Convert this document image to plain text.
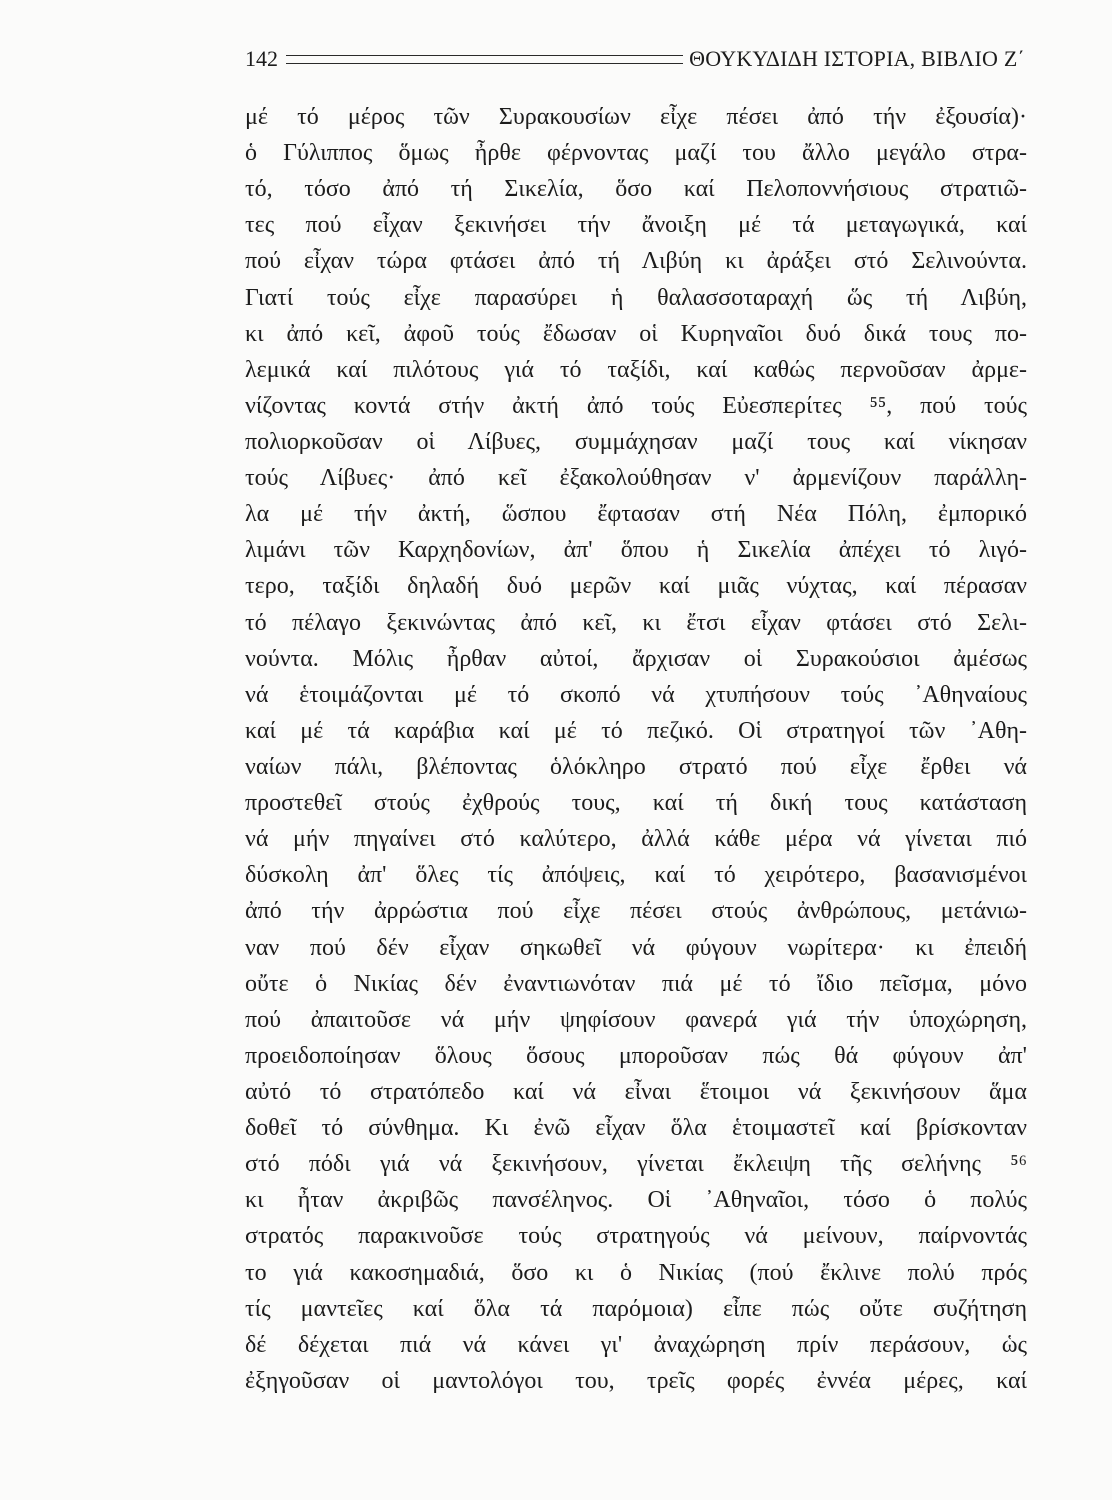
142	ΘΟΥΚΥΔΙΔΗ ΙΣΤΟΡΙΑ, ΒΙΒΛΙΟ Ζ΄
μέ τό μέρος τῶν Συρακουσίων εἶχε πέσει ἀπό τήν ἐξουσία)·
ὁ Γύλιππος ὅμως ἦρθε φέρνοντας μαζί του ἄλλο μεγάλο στρα-
τό, τόσο ἀπό τή Σικελία, ὅσο καί Πελοποννήσιους στρατιῶ-
τες πού εἶχαν ξεκινήσει τήν ἄνοιξη μέ τά μεταγωγικά, καί
πού εἶχαν τώρα φτάσει ἀπό τή Λιβύη κι ἀράξει στό Σελινούντα.
Γιατί τούς εἶχε παρασύρει ἡ θαλασσοταραχή ὥς τή Λιβύη,
κι ἀπό κεῖ, ἀφοῦ τούς ἔδωσαν οἱ Κυρηναῖοι δυό δικά τους πο-
λεμικά καί πιλότους γιά τό ταξίδι, καί καθώς περνοῦσαν ἀρμε-
νίζοντας κοντά στήν ἀκτή ἀπό τούς Εὐεσπερίτες ⁵⁵, πού τούς
πολιορκοῦσαν οἱ Λίβυες, συμμάχησαν μαζί τους καί νίκησαν
τούς Λίβυες· ἀπό κεῖ ἐξακολούθησαν ν' ἀρμενίζουν παράλλη-
λα μέ τήν ἀκτή, ὥσπου ἔφτασαν στή Νέα Πόλη, ἐμπορικό
λιμάνι τῶν Καρχηδονίων, ἀπ' ὅπου ἡ Σικελία ἀπέχει τό λιγό-
τερο, ταξίδι δηλαδή δυό μερῶν καί μιᾶς νύχτας, καί πέρασαν
τό πέλαγο ξεκινώντας ἀπό κεῖ, κι ἔτσι εἶχαν φτάσει στό Σελι-
νούντα. Μόλις ἦρθαν αὐτοί, ἄρχισαν οἱ Συρακούσιοι ἀμέσως
νά ἑτοιμάζονται μέ τό σκοπό νά χτυπήσουν τούς ᾿Αθηναίους
καί μέ τά καράβια καί μέ τό πεζικό. Οἱ στρατηγοί τῶν ᾿Αθη-
ναίων πάλι, βλέποντας ὁλόκληρο στρατό πού εἶχε ἔρθει νά
προστεθεῖ στούς ἐχθρούς τους, καί τή δική τους κατάσταση
νά μήν πηγαίνει στό καλύτερο, ἀλλά κάθε μέρα νά γίνεται πιό
δύσκολη ἀπ' ὅλες τίς ἀπόψεις, καί τό χειρότερο, βασανισμένοι
ἀπό τήν ἀρρώστια πού εἶχε πέσει στούς ἀνθρώπους, μετάνιω-
ναν πού δέν εἶχαν σηκωθεῖ νά φύγουν νωρίτερα· κι ἐπειδή
οὔτε ὁ Νικίας δέν ἐναντιωνόταν πιά μέ τό ἴδιο πεῖσμα, μόνο
πού ἀπαιτοῦσε νά μήν ψηφίσουν φανερά γιά τήν ὑποχώρηση,
προειδοποίησαν ὅλους ὅσους μποροῦσαν πώς θά φύγουν ἀπ'
αὐτό τό στρατόπεδο καί νά εἶναι ἕτοιμοι νά ξεκινήσουν ἅμα
δοθεῖ τό σύνθημα. Κι ἐνῶ εἶχαν ὅλα ἑτοιμαστεῖ καί βρίσκονταν
στό πόδι γιά νά ξεκινήσουν, γίνεται ἔκλειψη τῆς σελήνης ⁵⁶
κι ἦταν ἀκριβῶς πανσέληνος. Οἱ ᾿Αθηναῖοι, τόσο ὁ πολύς
στρατός παρακινοῦσε τούς στρατηγούς νά μείνουν, παίρνοντάς
το γιά κακοσημαδιά, ὅσο κι ὁ Νικίας (πού ἔκλινε πολύ πρός
τίς μαντεῖες καί ὅλα τά παρόμοια) εἶπε πώς οὔτε συζήτηση
δέ δέχεται πιά νά κάνει γι' ἀναχώρηση πρίν περάσουν, ὡς
ἐξηγοῦσαν οἱ μαντολόγοι του, τρεῖς φορές ἐννέα μέρες, καί
